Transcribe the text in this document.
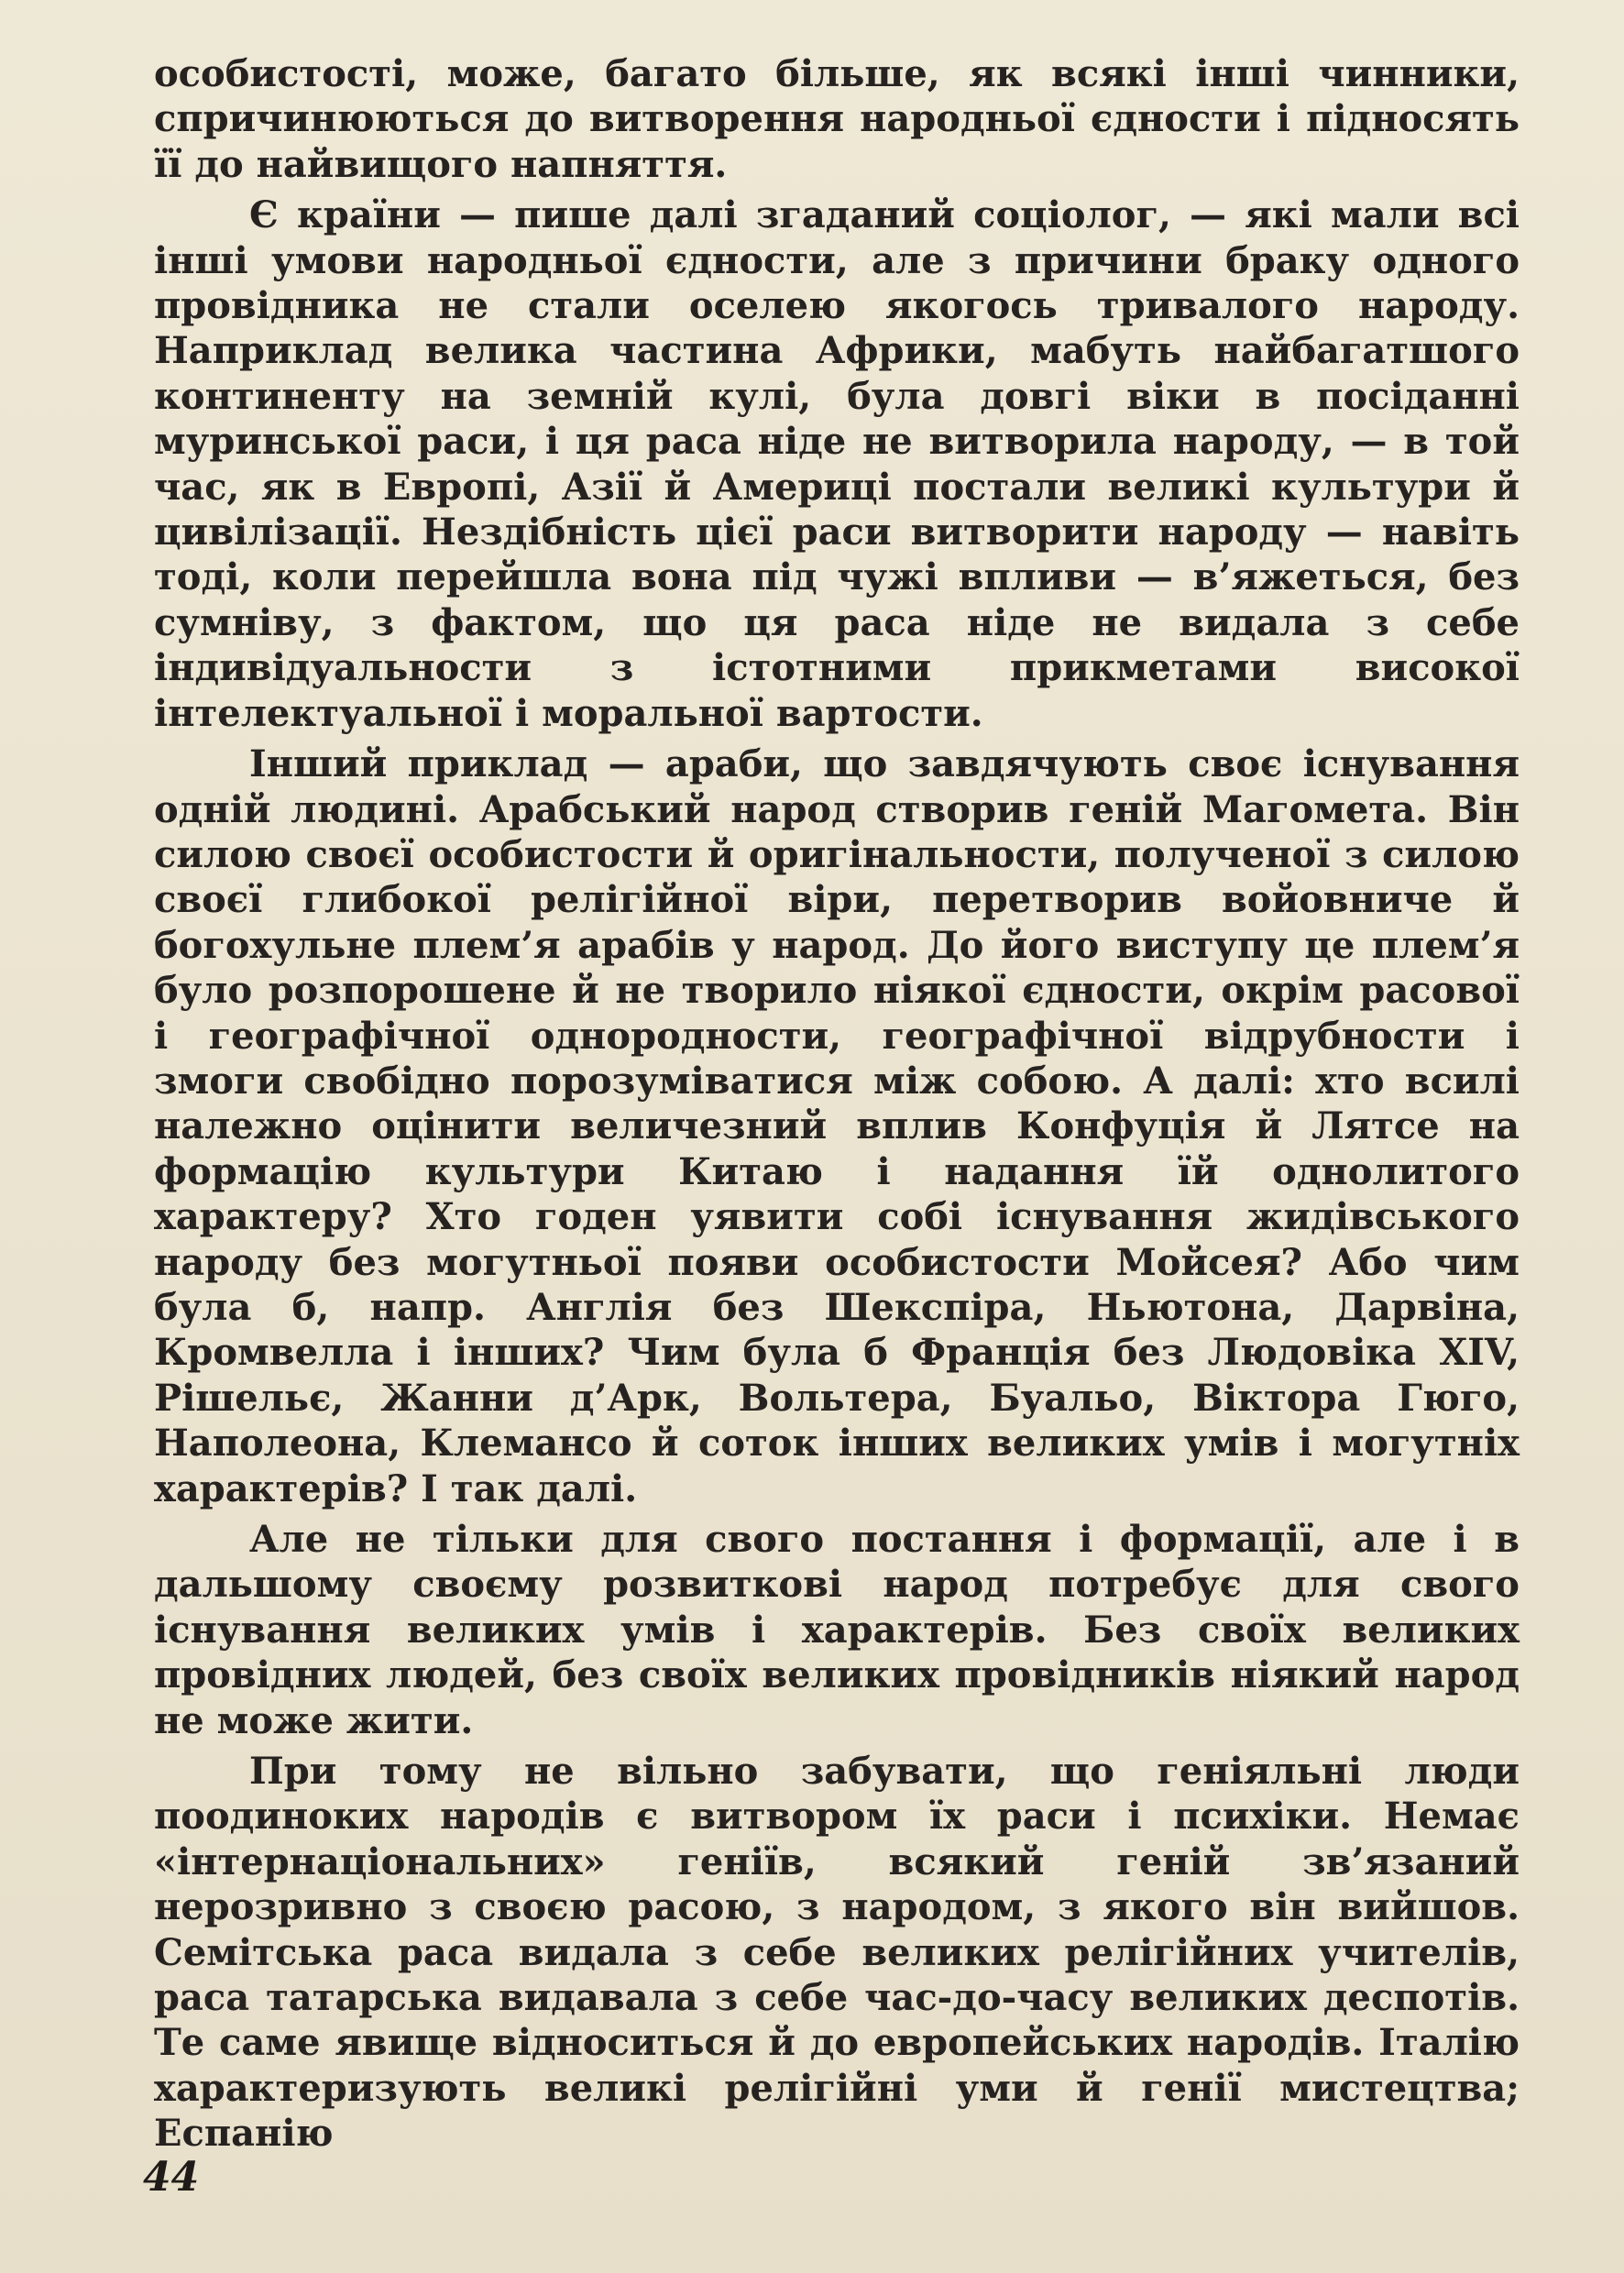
особистості, може, багато більше, як всякі інші чинники, спричинюються до витворення народньої єдности і підносять її до найвищого напняття.

Є країни — пише далі згаданий соціолог, — які мали всі інші умови народньої єдности, але з причини браку одного провідника не стали оселею якогось тривалого народу. Наприклад велика частина Африки, мабуть найбагатшого континенту на земній кулі, була довгі віки в посіданні муринської раси, і ця раса ніде не витворила народу, — в той час, як в Европі, Азії й Америці постали великі культури й цивілізації. Нездібність цієї раси витворити народу — навіть тоді, коли перейшла вона під чужі впливи — в’яжеться, без сумніву, з фактом, що ця раса ніде не видала з себе індивідуальности з істотними прикметами високої інтелектуальної і моральної вартости.

Інший приклад — араби, що завдячують своє існування одній людині. Арабський народ створив геній Магомета. Він силою своєї особистости й оригінальности, полученої з силою своєї глибокої релігійної віри, перетворив войовниче й богохульне плем’я арабів у народ. До його виступу це плем’я було розпорошене й не творило ніякої єдности, окрім расової і географічної однородности, географічної відрубности і змоги свобідно порозуміватися між собою. А далі: хто всилі належно оцінити величезний вплив Конфуція й Лятсе на формацію культури Китаю і надання їй однолитого характеру? Хто годен уявити собі існування жидівського народу без могутньої появи особистости Мойсея? Або чим була б, напр. Англія без Шекспіра, Ньютона, Дарвіна, Кромвелла і інших? Чим була б Франція без Людовіка XIV, Рішельє, Жанни д’Арк, Вольтера, Буальо, Віктора Гюго, Наполеона, Клемансо й соток інших великих умів і могутніх характерів? І так далі.

Але не тільки для свого постання і формації, але і в дальшому своєму розвиткові народ потребує для свого існування великих умів і характерів. Без своїх великих провідних людей, без своїх великих провідників ніякий народ не може жити.

При тому не вільно забувати, що геніяльні люди поодиноких народів є витвором їх раси і психіки. Немає «інтернаціональних» геніїв, всякий геній зв’язаний нерозривно з своєю расою, з народом, з якого він вийшов. Семітська раса видала з себе великих релігійних учителів, раса татарська видавала з себе час-до-часу великих деспотів. Те саме явище відноситься й до европейських народів. Італію характеризують великі релігійні уми й генії мистецтва; Еспанію

44
